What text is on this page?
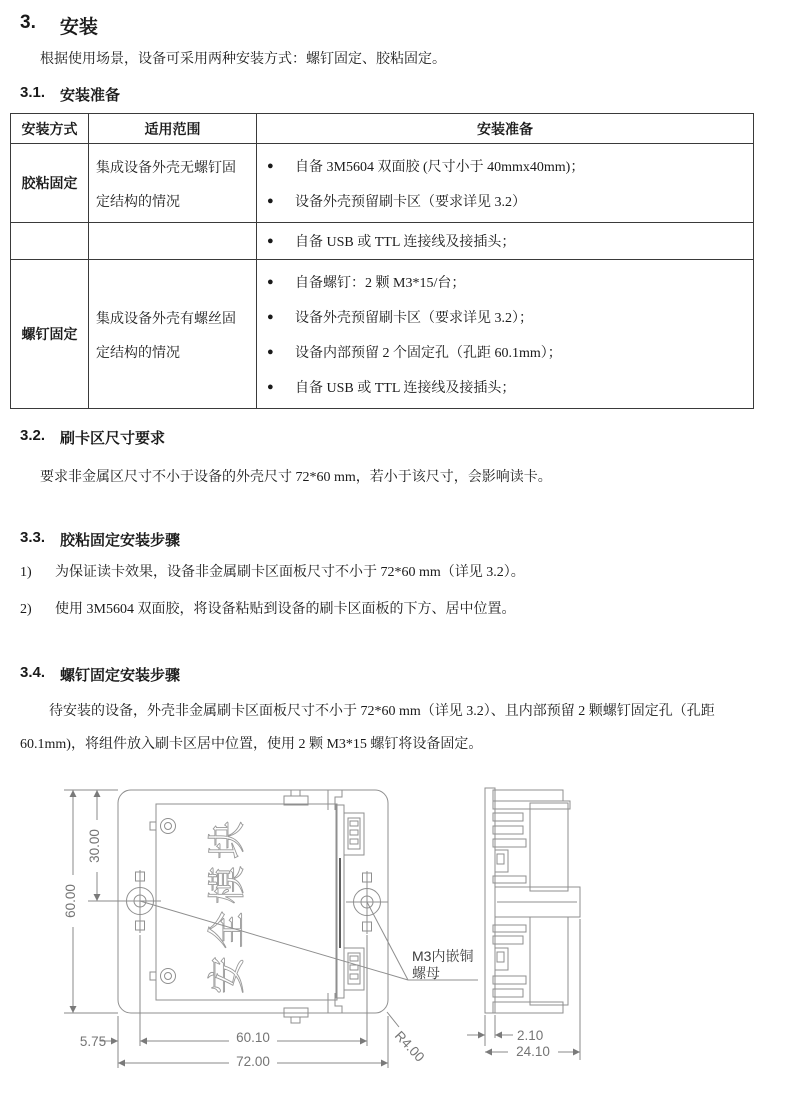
3. 安装

根据使用场景，设备可采用两种安装方式：螺钉固定、胶粘固定。

3.1. 安装准备
安装方式	适用范围	安装准备
胶粘固定	集成设备外壳无螺钉固定结构的情况	● 自备 3M5604 双面胶 (尺寸小于 40mmx40mm)；
● 设备外壳预留刷卡区（要求详见 3.2）

		● 自备 USB 或 TTL 连接线及接插头；

螺钉固定	集成设备外壳有螺丝固定结构的情况	
●	自备螺钉：2 颗 M3*15/台；
●	设备外壳预留刷卡区（要求详见 3.2）；
●	设备内部预留 2 个固定孔（孔距 60.1mm）；
●	自备 USB 或 TTL 连接线及接插头；
3.2. 刷卡区尺寸要求

要求非金属区尺寸不小于设备的外壳尺寸 72*60 mm，若小于该尺寸，会影响读卡。

3.3. 胶粘固定安装步骤
1)	为保证读卡效果，设备非金属刷卡区面板尺寸不小于 72*60 mm（详见 3.2）。
2)	使用 3M5604 双面胶，将设备粘贴到设备的刷卡区面板的下方、居中位置。
3.4. 螺钉固定安装步骤

待安装的设备，外壳非金属刷卡区面板尺寸不小于 72*60 mm（详见 3.2）、且内部预留 2 颗螺钉固定孔（孔距 60.1mm)，将组件放入刷卡区居中位置，使用 2 颗 M3*15 螺钉将设备固定。

安全模块	M3内嵌铜
螺母
60.00
30.00
5.75	60.10
72.00	R4.00	2.10
24.10
